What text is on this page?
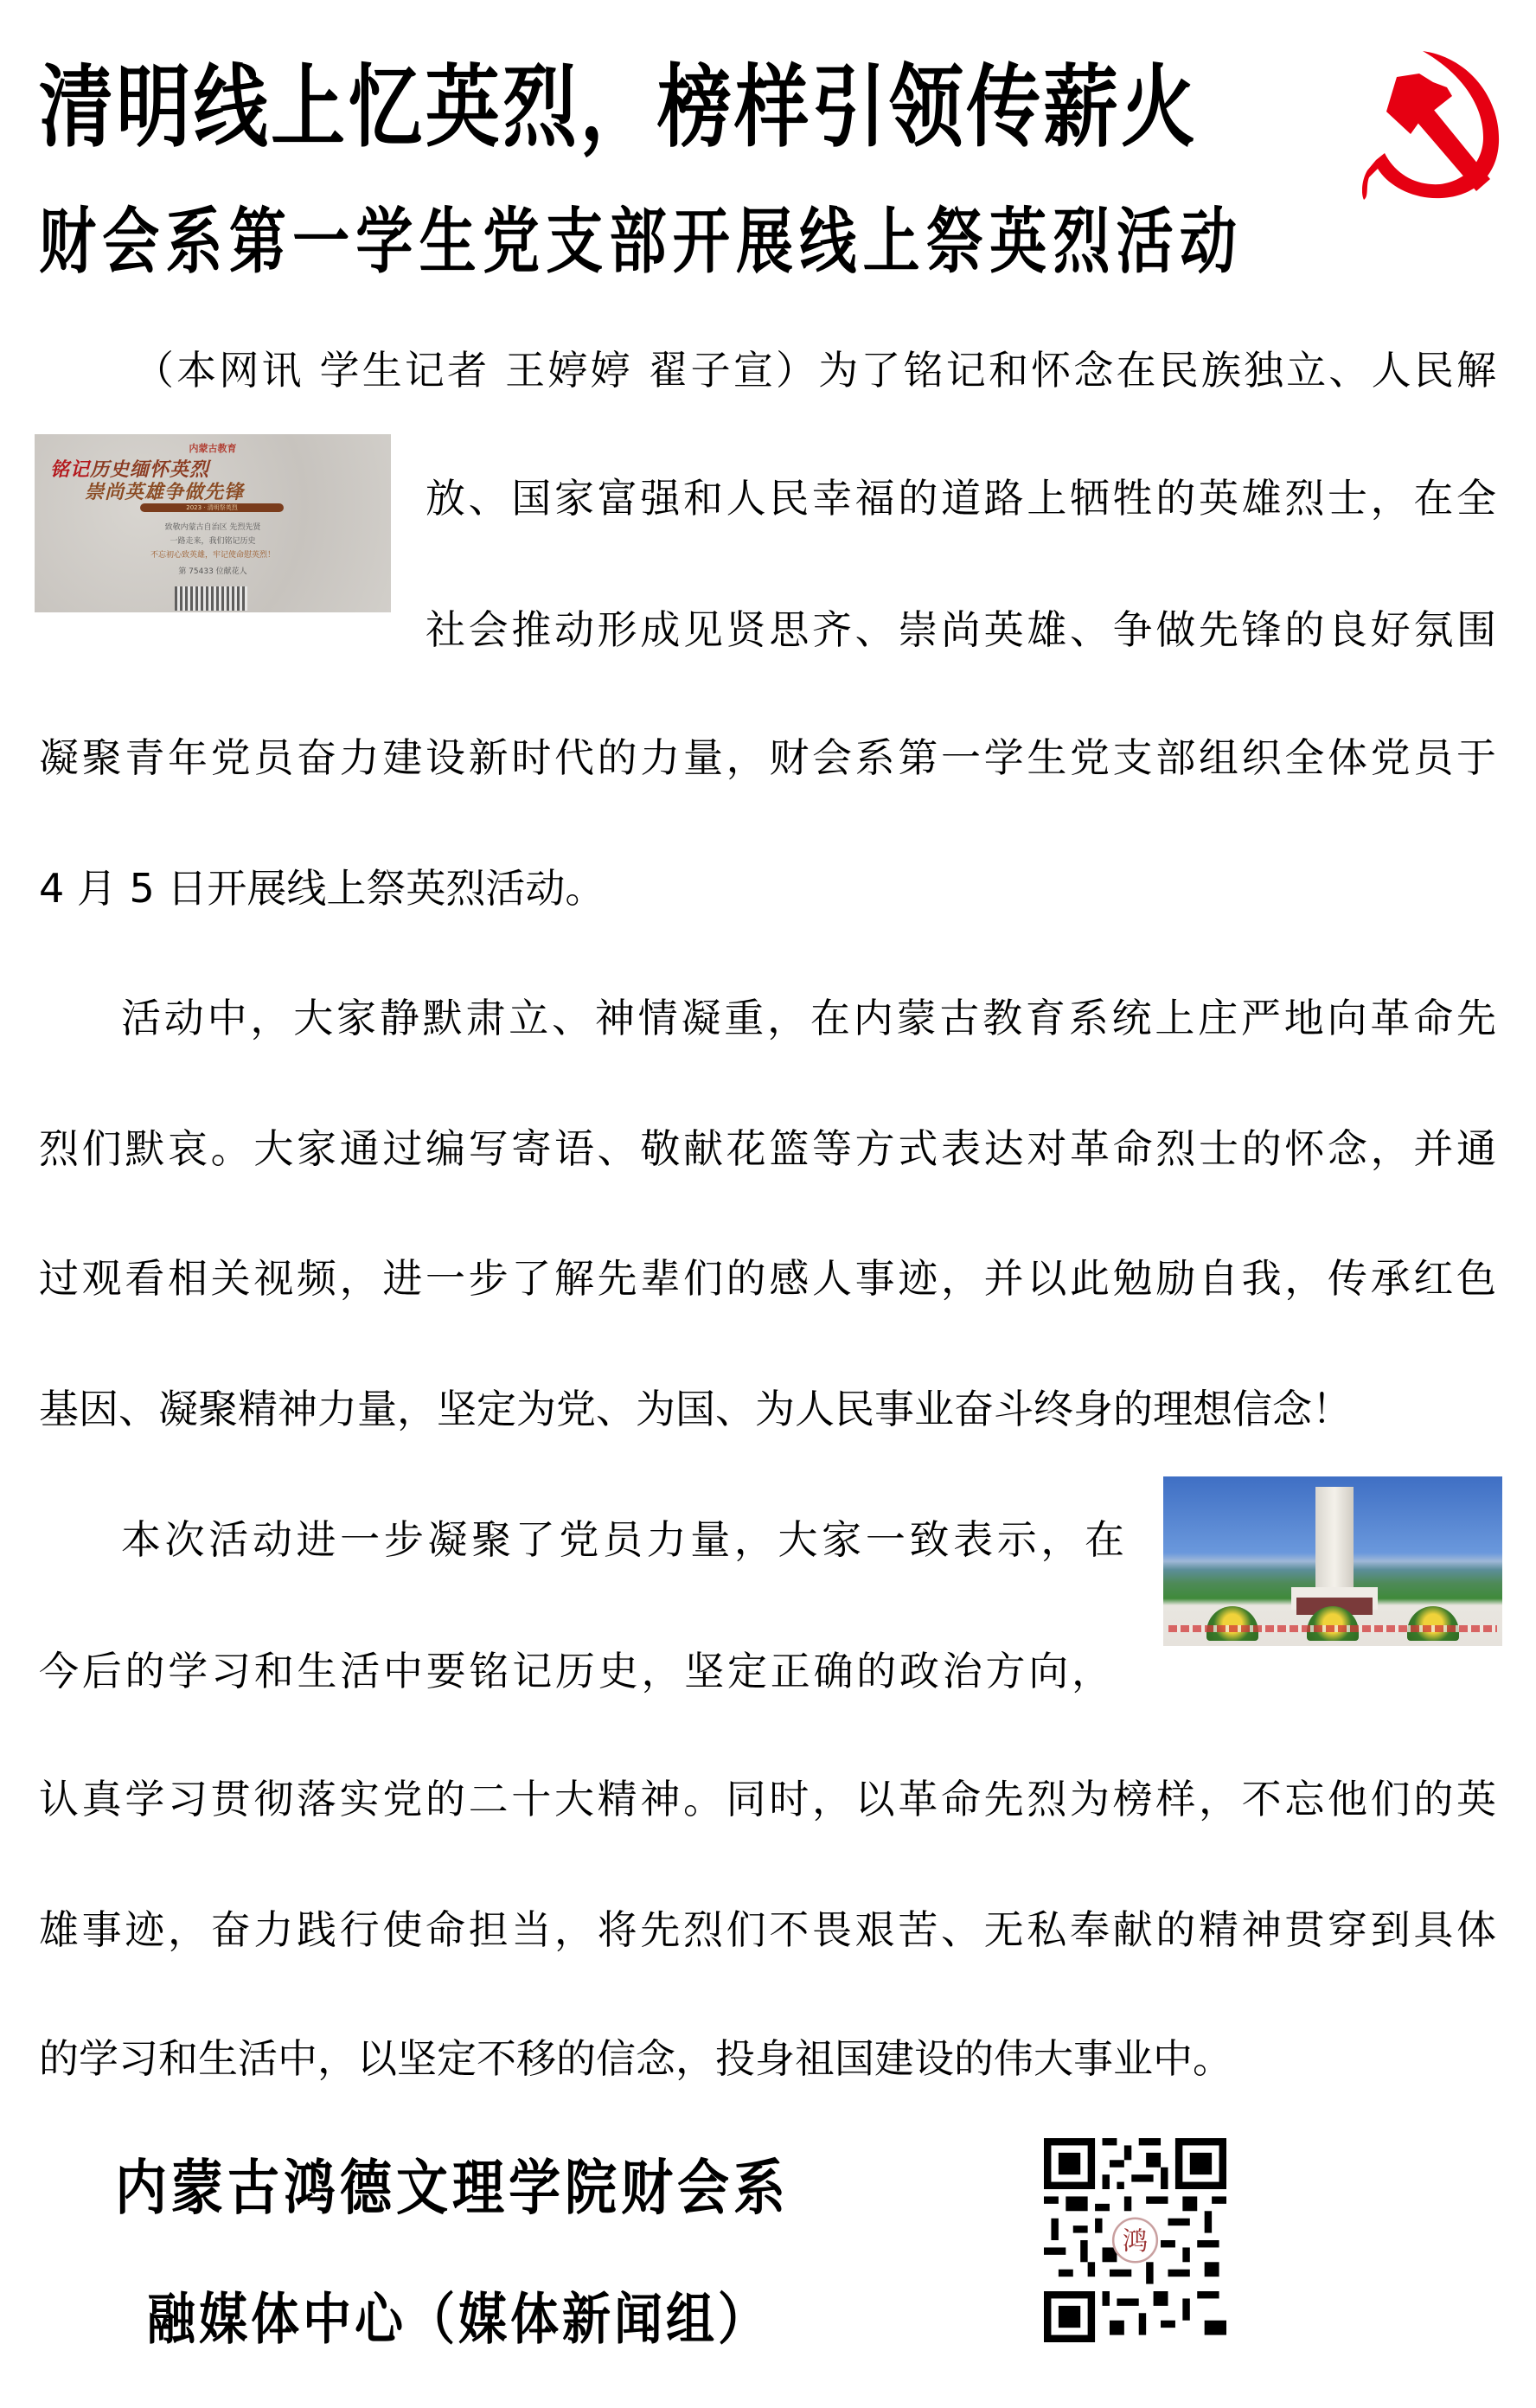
清明线上忆英烈，榜样引领传薪火
财会系第一学生党支部开展线上祭英烈活动
（本网讯 学生记者 王婷婷 翟子宣）为了铭记和怀念在民族独立、人民解
内蒙古教育
铭记历史缅怀英烈
崇尚英雄争做先锋
2023 · 清明祭英烈
致敬内蒙古自治区 先烈先贤
一路走来，我们铭记历史
不忘初心致英雄，牢记使命慰英烈！
第 75433 位献花人
放、国家富强和人民幸福的道路上牺牲的英雄烈士，在全
社会推动形成见贤思齐、崇尚英雄、争做先锋的良好氛围
凝聚青年党员奋力建设新时代的力量，财会系第一学生党支部组织全体党员于
4 月 5 日开展线上祭英烈活动。
活动中，大家静默肃立、神情凝重，在内蒙古教育系统上庄严地向革命先
烈们默哀。大家通过编写寄语、敬献花篮等方式表达对革命烈士的怀念，并通
过观看相关视频，进一步了解先辈们的感人事迹，并以此勉励自我，传承红色
基因、凝聚精神力量，坚定为党、为国、为人民事业奋斗终身的理想信念！
本次活动进一步凝聚了党员力量，大家一致表示，在
今后的学习和生活中要铭记历史，坚定正确的政治方向，
认真学习贯彻落实党的二十大精神。同时，以革命先烈为榜样，不忘他们的英
雄事迹，奋力践行使命担当，将先烈们不畏艰苦、无私奉献的精神贯穿到具体
的学习和生活中，以坚定不移的信念，投身祖国建设的伟大事业中。
内蒙古鸿德文理学院财会系
融媒体中心（媒体新闻组）
鸿
